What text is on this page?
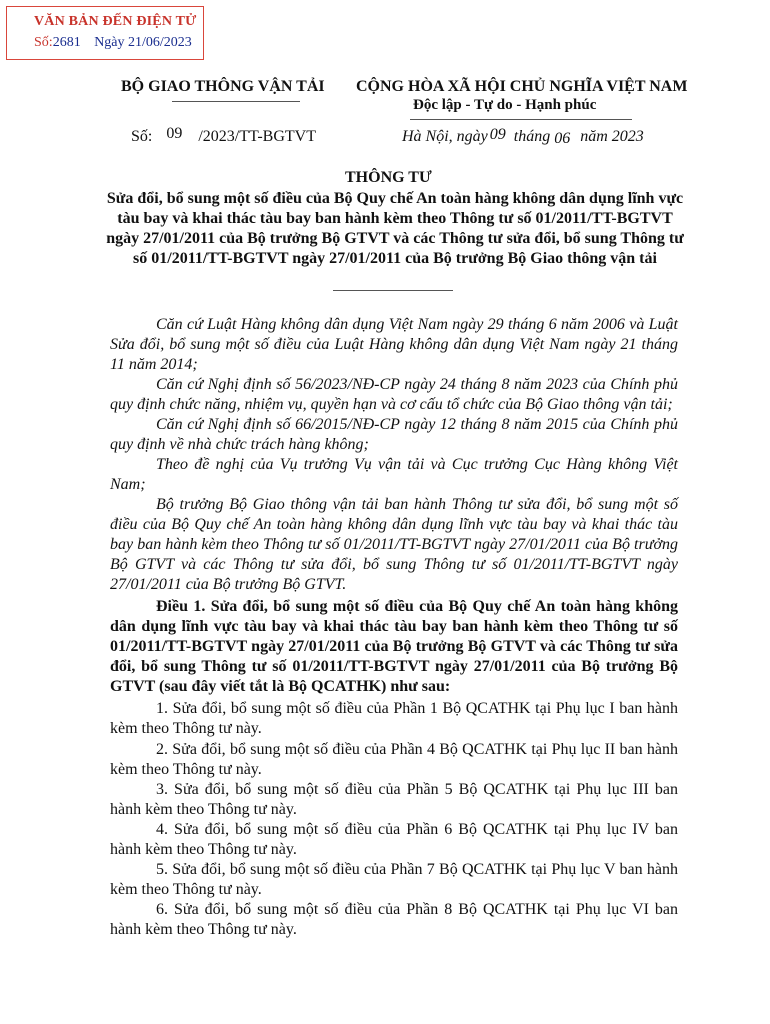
VĂN BẢN ĐẾN ĐIỆN TỬ
Số:2681 Ngày 21/06/2023
BỘ GIAO THÔNG VẬN TẢI CỘNG HÒA XÃ HỘI CHỦ NGHĨA VIỆT NAM
Độc lập - Tự do - Hạnh phúc
Số: 09 /2023/TT-BGTVT	Hà Nội, ngày 09 tháng 06 năm 2023
THÔNG TƯ
Sửa đổi, bổ sung một số điều của Bộ Quy chế An toàn hàng không dân dụng lĩnh vực tàu bay và khai thác tàu bay ban hành kèm theo Thông tư số 01/2011/TT-BGTVT ngày 27/01/2011 của Bộ trưởng Bộ GTVT và các Thông tư sửa đổi, bổ sung Thông tư số 01/2011/TT-BGTVT ngày 27/01/2011 của Bộ trưởng Bộ Giao thông vận tải
Căn cứ Luật Hàng không dân dụng Việt Nam ngày 29 tháng 6 năm 2006 và Luật Sửa đổi, bổ sung một số điều của Luật Hàng không dân dụng Việt Nam ngày 21 tháng 11 năm 2014;
Căn cứ Nghị định số 56/2023/NĐ-CP ngày 24 tháng 8 năm 2023 của Chính phủ quy định chức năng, nhiệm vụ, quyền hạn và cơ cấu tổ chức của Bộ Giao thông vận tải;
Căn cứ Nghị định số 66/2015/NĐ-CP ngày 12 tháng 8 năm 2015 của Chính phủ quy định về nhà chức trách hàng không;
Theo đề nghị của Vụ trưởng Vụ vận tải và Cục trưởng Cục Hàng không Việt Nam;
Bộ trưởng Bộ Giao thông vận tải ban hành Thông tư sửa đổi, bổ sung một số điều của Bộ Quy chế An toàn hàng không dân dụng lĩnh vực tàu bay và khai thác tàu bay ban hành kèm theo Thông tư số 01/2011/TT-BGTVT ngày 27/01/2011 của Bộ trưởng Bộ GTVT và các Thông tư sửa đổi, bổ sung Thông tư số 01/2011/TT-BGTVT ngày 27/01/2011 của Bộ trưởng Bộ GTVT.
Điều 1. Sửa đổi, bổ sung một số điều của Bộ Quy chế An toàn hàng không dân dụng lĩnh vực tàu bay và khai thác tàu bay ban hành kèm theo Thông tư số 01/2011/TT-BGTVT ngày 27/01/2011 của Bộ trưởng Bộ GTVT và các Thông tư sửa đổi, bổ sung Thông tư số 01/2011/TT-BGTVT ngày 27/01/2011 của Bộ trưởng Bộ GTVT (sau đây viết tắt là Bộ QCATHK) như sau:
1. Sửa đổi, bổ sung một số điều của Phần 1 Bộ QCATHK tại Phụ lục I ban hành kèm theo Thông tư này.
2. Sửa đổi, bổ sung một số điều của Phần 4 Bộ QCATHK tại Phụ lục II ban hành kèm theo Thông tư này.
3. Sửa đổi, bổ sung một số điều của Phần 5 Bộ QCATHK tại Phụ lục III ban hành kèm theo Thông tư này.
4. Sửa đổi, bổ sung một số điều của Phần 6 Bộ QCATHK tại Phụ lục IV ban hành kèm theo Thông tư này.
5. Sửa đổi, bổ sung một số điều của Phần 7 Bộ QCATHK tại Phụ lục V ban hành kèm theo Thông tư này.
6. Sửa đổi, bổ sung một số điều của Phần 8 Bộ QCATHK tại Phụ lục VI ban hành kèm theo Thông tư này.
